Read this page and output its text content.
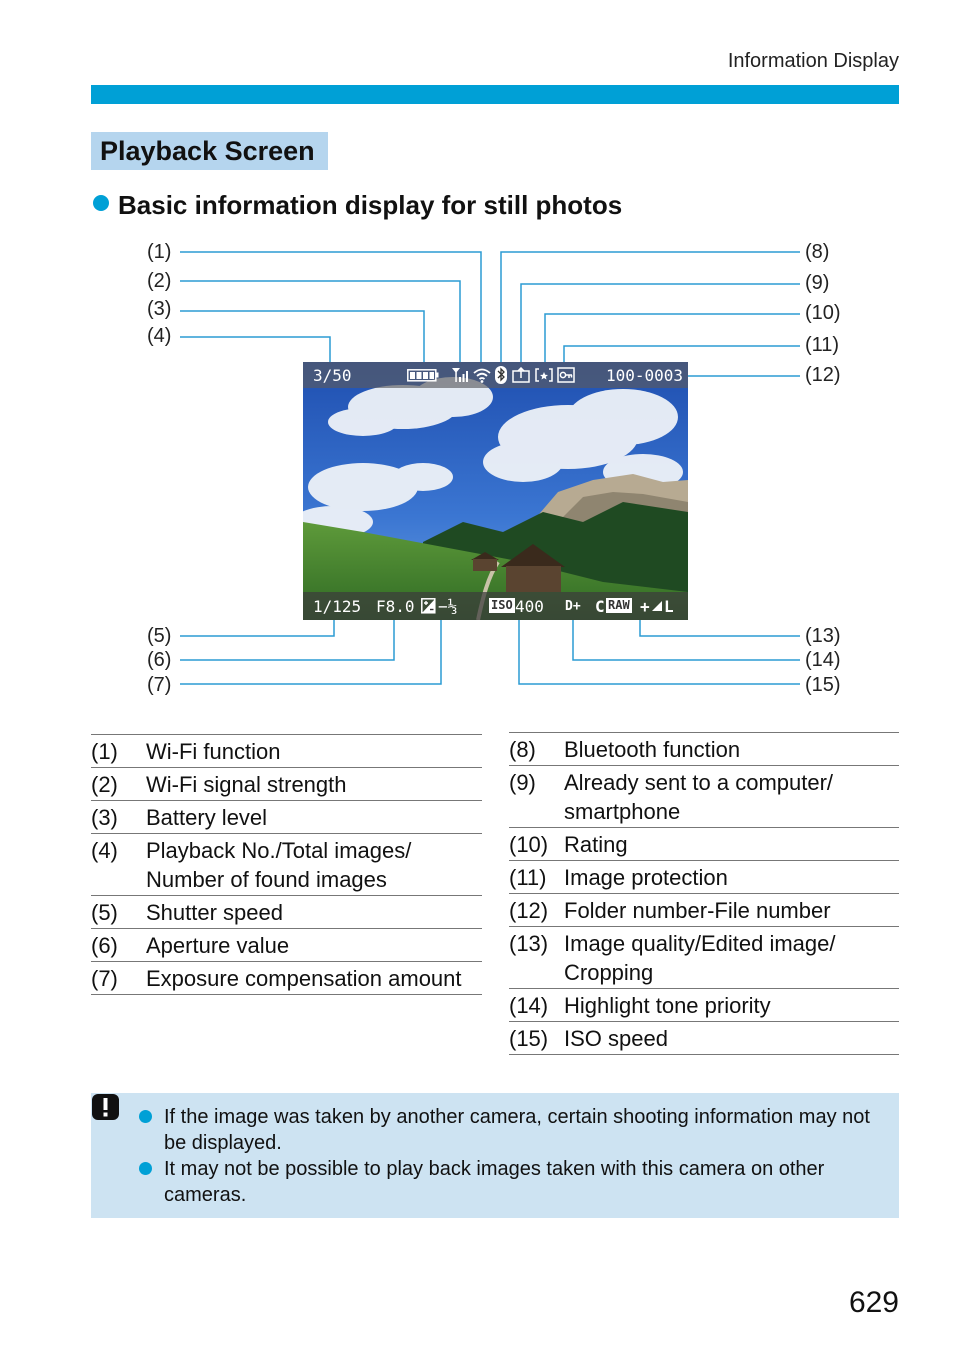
Information Display
Playback Screen
Basic information display for still photos
(1)
(2)
(3)
(4)
(5)
(6)
(7)
(8)
(9)
(10)
(11)
(12)
(13)
(14)
(15)
3/50	100-0003
1/125 F8.0 −⅓	ISO 400 D+ C RAW + L
(1)	Wi-Fi function
(2)	Wi-Fi signal strength
(3)	Battery level
(4)	Playback No./Total images/
Number of found images
(5)	Shutter speed
(6)	Aperture value
(7)	Exposure compensation amount
(8)	Bluetooth function
(9)	Already sent to a computer/
smartphone
(10)	Rating
(11)	Image protection
(12)	Folder number-File number
(13)	Image quality/Edited image/
Cropping
(14)	Highlight tone priority
(15)	ISO speed
If the image was taken by another camera, certain shooting information may not be displayed.
It may not be possible to play back images taken with this camera on other cameras.
629
